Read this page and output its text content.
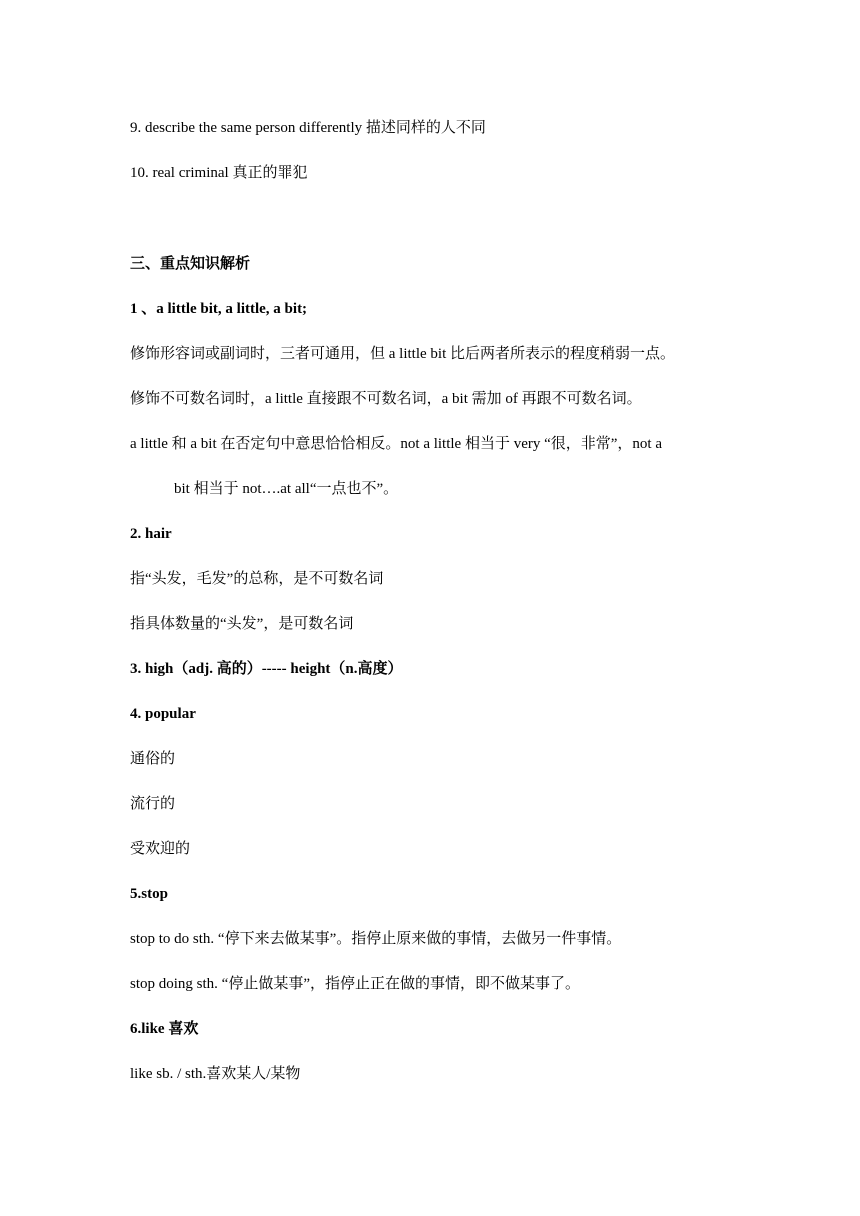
9. describe the same person differently 描述同样的人不同
10. real criminal 真正的罪犯
三、重点知识解析
1 、a little bit, a little, a bit;
修饰形容词或副词时，三者可通用，但 a little bit 比后两者所表示的程度稍弱一点。
修饰不可数名词时，a little 直接跟不可数名词，a bit 需加 of 再跟不可数名词。
a little 和 a bit 在否定句中意思恰恰相反。not a little 相当于 very “很，非常”，not a
bit 相当于 not….at all“一点也不”。
2. hair
指“头发，毛发”的总称，是不可数名词
指具体数量的“头发”，是可数名词
3. high（adj. 高的）----- height（n.高度）
4. popular
通俗的
流行的
受欢迎的
5.stop
stop to do sth. “停下来去做某事”。指停止原来做的事情，去做另一件事情。
stop doing sth. “停止做某事”，指停止正在做的事情，即不做某事了。
6.like 喜欢
like sb. / sth.喜欢某人/某物
